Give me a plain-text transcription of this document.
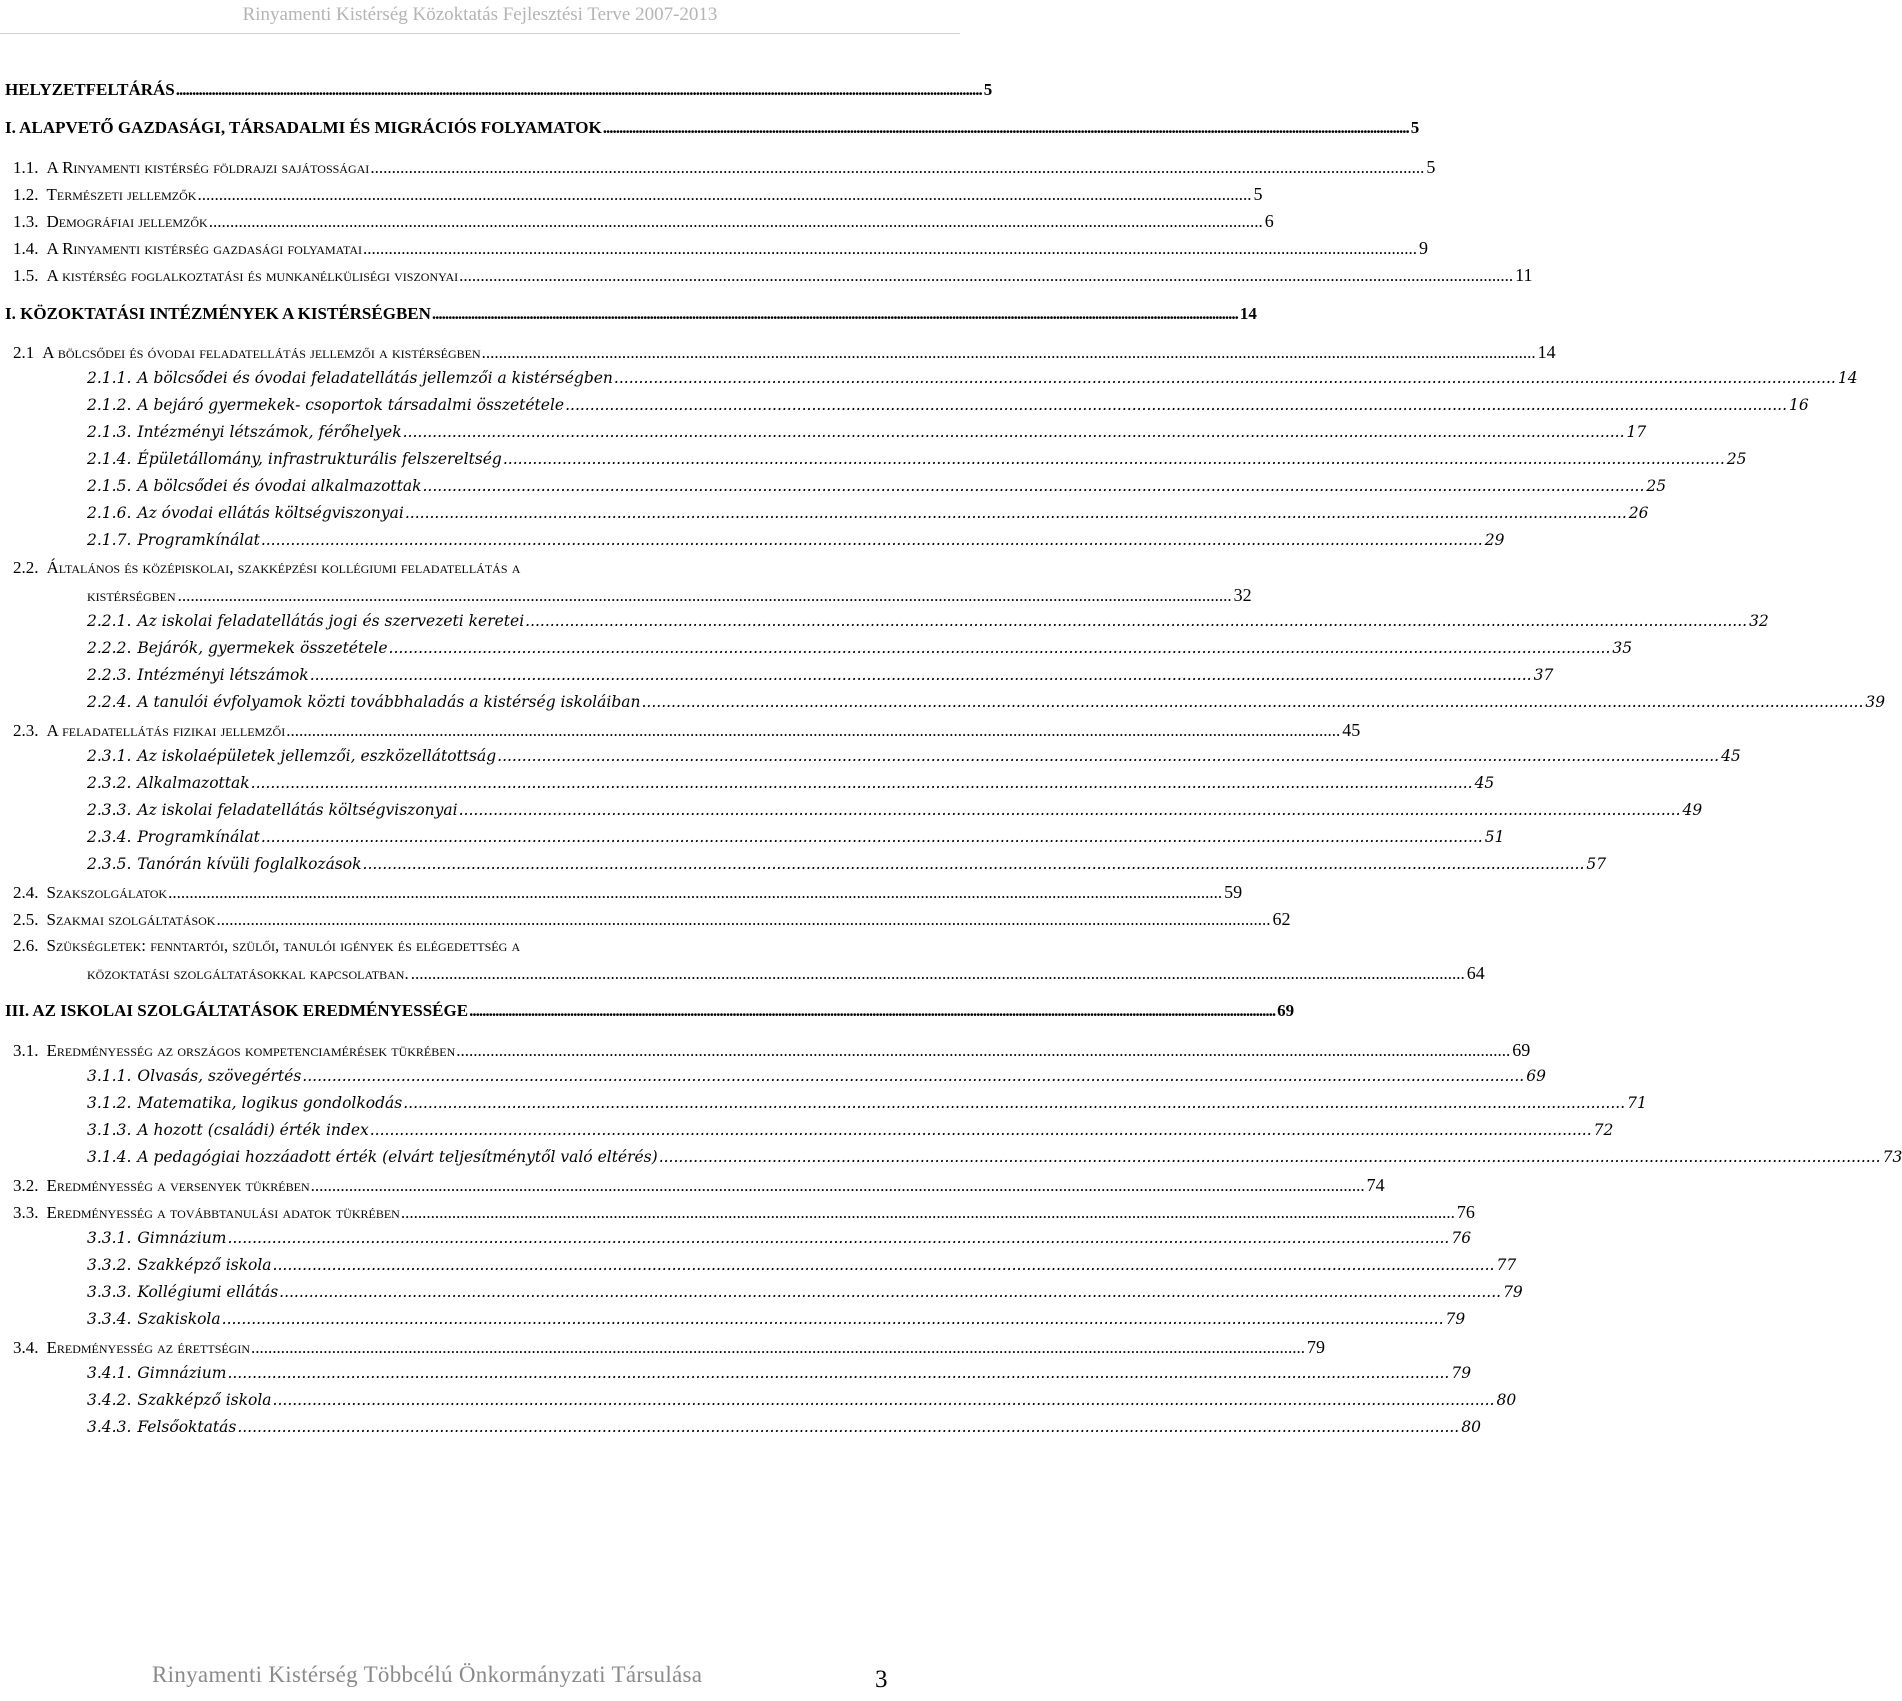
Rinyamenti Kistérség Közoktatás Fejlesztési Terve 2007-2013
HELYZETFELTÁRÁS .....	5
I. ALAPVETŐ GAZDASÁGI, TÁRSADALMI ÉS MIGRÁCIÓS FOLYAMATOK .....	5
1.1. A Rinyamenti kistérség földrajzi sajátosságai .....	5
1.2. Természeti jellemzők .....	5
1.3. Demográfiai jellemzők .....	6
1.4. A Rinyamenti kistérség gazdasági folyamatai .....	9
1.5. A kistérség foglalkoztatási és munkanélküliségi viszonyai .....	11
I. KÖZOKTATÁSI INTÉZMÉNYEK A KISTÉRSÉGBEN .....	14
2.1 A bölcsődei és óvodai feladatellátás jellemzői a kistérségben .....	14
2.1.1. A bölcsődei és óvodai feladatellátás jellemzői a kistérségben .....	14
2.1.2. A bejáró gyermekek- csoportok társadalmi összetétele .....	16
2.1.3. Intézményi létszámok, férőhelyek .....	17
2.1.4. Épületállomány, infrastrukturális felszereltség .....	25
2.1.5. A bölcsődei és óvodai alkalmazottak .....	25
2.1.6. Az óvodai ellátás költségviszonyai .....	26
2.1.7. Programkínálat .....	29
2.2. Általános és középiskolai, szakképzési kollégiumi feladatellátás a
kistérségben .....	32
2.2.1. Az iskolai feladatellátás jogi és szervezeti keretei .....	32
2.2.2. Bejárók, gyermekek összetétele .....	35
2.2.3. Intézményi létszámok .....	37
2.2.4. A tanulói évfolyamok közti továbbhaladás a kistérség iskoláiban .....	39
2.3. A feladatellátás fizikai jellemzői .....	45
2.3.1. Az iskolaépületek jellemzői, eszközellátottság .....	45
2.3.2. Alkalmazottak .....	45
2.3.3. Az iskolai feladatellátás költségviszonyai .....	49
2.3.4. Programkínálat .....	51
2.3.5. Tanórán kívüli foglalkozások .....	57
2.4. Szakszolgálatok .....	59
2.5. Szakmai szolgáltatások .....	62
2.6. Szükségletek: fenntartói, szülői, tanulói igények és elégedettség a
közoktatási szolgáltatásokkal kapcsolatban. .....	64
III. AZ ISKOLAI SZOLGÁLTATÁSOK EREDMÉNYESSÉGE .....	69
3.1. Eredményesség az országos kompetenciamérések tükrében .....	69
3.1.1. Olvasás, szövegértés .....	69
3.1.2. Matematika, logikus gondolkodás .....	71
3.1.3. A hozott (családi) érték index .....	72
3.1.4. A pedagógiai hozzáadott érték (elvárt teljesítménytől való eltérés) .....	73
3.2. Eredményesség a versenyek tükrében .....	74
3.3. Eredményesség a továbbtanulási adatok tükrében .....	76
3.3.1. Gimnázium .....	76
3.3.2. Szakképző iskola .....	77
3.3.3. Kollégiumi ellátás .....	79
3.3.4. Szakiskola .....	79
3.4. Eredményesség az érettségin .....	79
3.4.1. Gimnázium .....	79
3.4.2. Szakképző iskola .....	80
3.4.3. Felsőoktatás .....	80
Rinyamenti Kistérség Többcélú Önkormányzati Társulása	3
